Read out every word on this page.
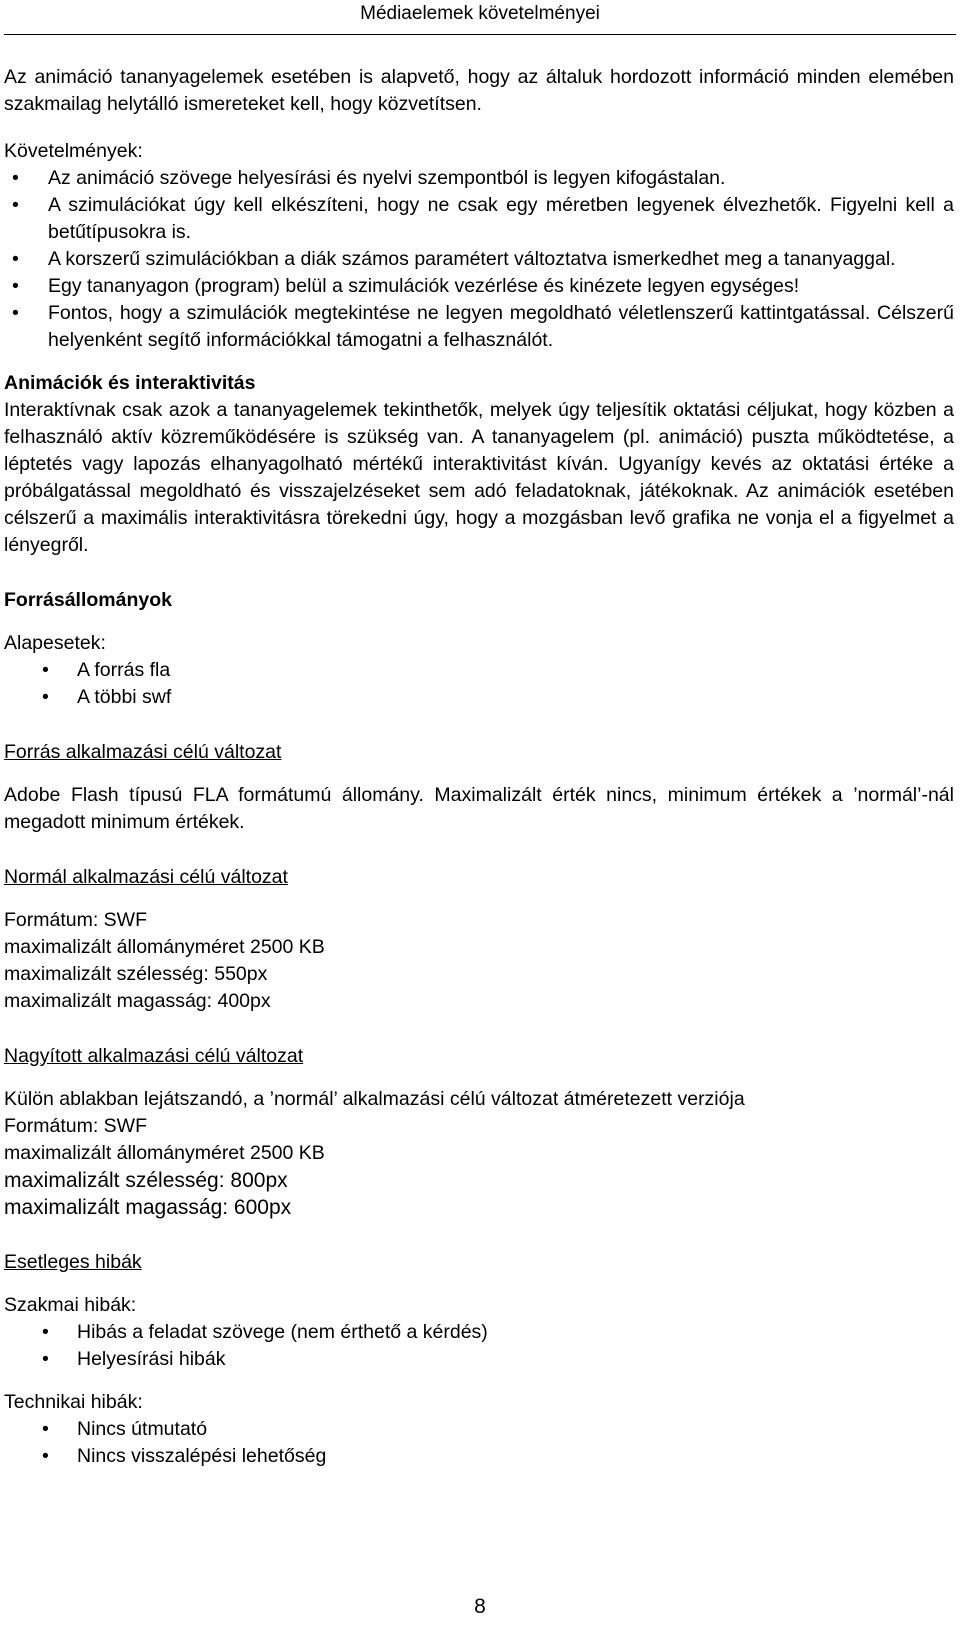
Médiaelemek követelményei

Az animáció tananyagelemek esetében is alapvető, hogy az általuk hordozott információ minden elemében szakmailag helytálló ismereteket kell, hogy közvetítsen.

Követelmények:

• Az animáció szövege helyesírási és nyelvi szempontból is legyen kifogástalan.
• A szimulációkat úgy kell elkészíteni, hogy ne csak egy méretben legyenek élvezhetők. Figyelni kell a betűtípusokra is.
• A korszerű szimulációkban a diák számos paramétert változtatva ismerkedhet meg a tananyaggal.
• Egy tananyagon (program) belül a szimulációk vezérlése és kinézete legyen egységes!
• Fontos, hogy a szimulációk megtekintése ne legyen megoldható véletlenszerű kattintgatással. Célszerű helyenként segítő információkkal támogatni a felhasználót.

Animációk és interaktivitás

Interaktívnak csak azok a tananyagelemek tekinthetők, melyek úgy teljesítik oktatási céljukat, hogy közben a felhasználó aktív közreműködésére is szükség van. A tananyagelem (pl. animáció) puszta működtetése, a léptetés vagy lapozás elhanyagolható mértékű interaktivitást kíván. Ugyanígy kevés az oktatási értéke a próbálgatással megoldható és visszajelzéseket sem adó feladatoknak, játékoknak. Az animációk esetében célszerű a maximális interaktivitásra törekedni úgy, hogy a mozgásban levő grafika ne vonja el a figyelmet a lényegről.

Forrásállományok

Alapesetek:

• A forrás fla
• A többi swf

Forrás alkalmazási célú változat

Adobe Flash típusú FLA formátumú állomány. Maximalizált érték nincs, minimum értékek a ’normál’-nál megadott minimum értékek.

Normál alkalmazási célú változat

Formátum: SWF

maximalizált állományméret 2500 KB

maximalizált szélesség: 550px

maximalizált magasság: 400px

Nagyított alkalmazási célú változat

Külön ablakban lejátszandó, a ’normál’ alkalmazási célú változat átméretezett verziója

Formátum: SWF

maximalizált állományméret 2500 KB

maximalizált szélesség: 800px

maximalizált magasság: 600px

Esetleges hibák

Szakmai hibák:

• Hibás a feladat szövege (nem érthető a kérdés)
• Helyesírási hibák

Technikai hibák:

• Nincs útmutató
• Nincs visszalépési lehetőség
8
